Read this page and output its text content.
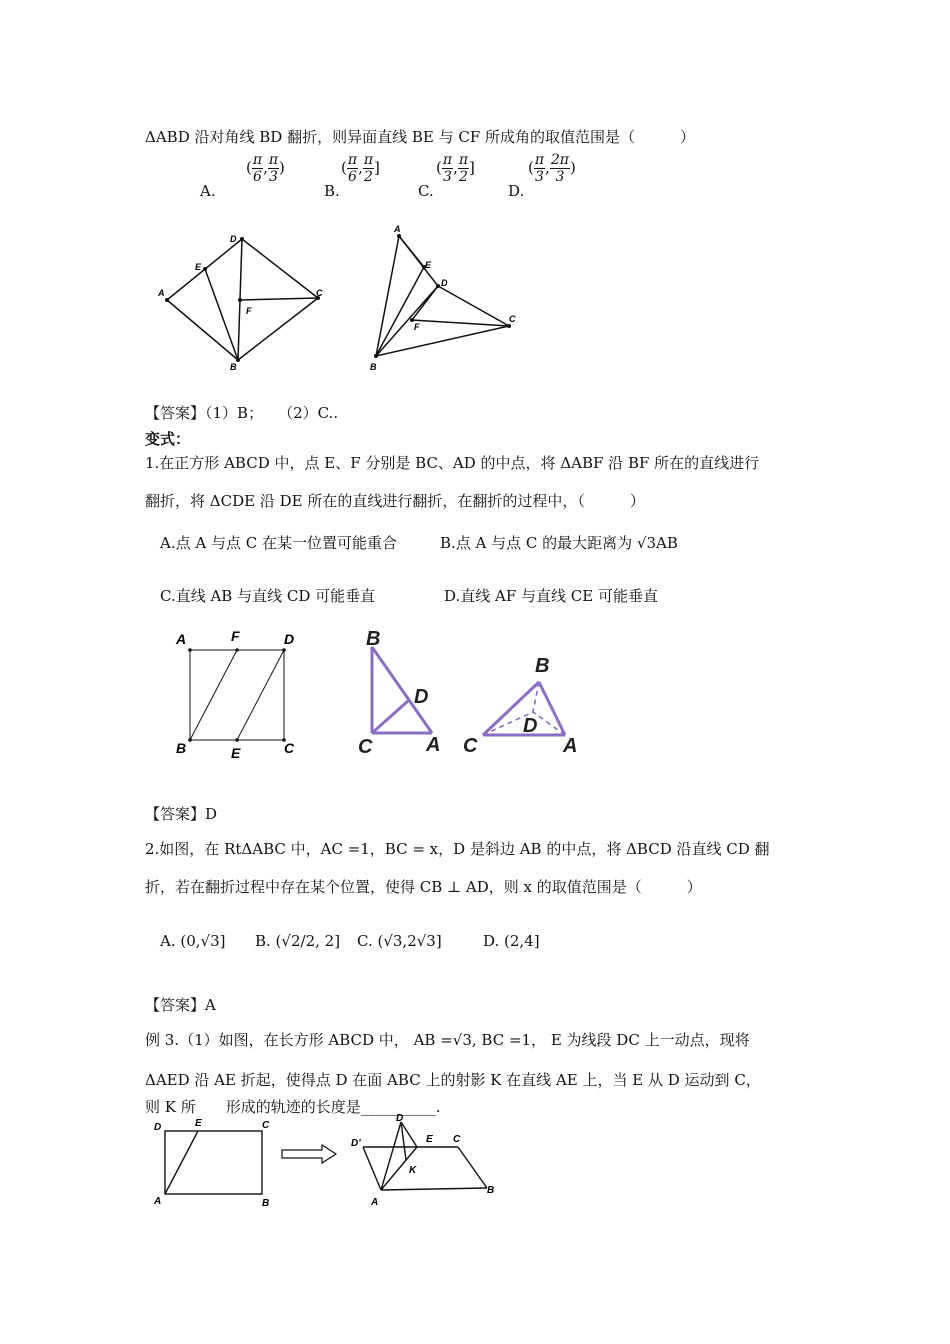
ΔABD 沿对角线 BD 翻折，则异面直线 BE 与 CF 所成角的取值范围是（　　　）
A.	B.	C.	D.
( $\frac{\pi}{6}$ , $\frac{\pi}{3}$ )	( $\frac{\pi}{6}$ , $\frac{\pi}{2}$ ]	( $\frac{\pi}{3}$ , $\frac{\pi}{2}$ ]	( $\frac{\pi}{3}$ , $\frac{2\pi}{3}$ )
A
B
C
D
E
F
A
B
C
D
E
F
【答案】（1）B；　　（2）C..
变式：
1.在正方形 ABCD 中，点 E、F 分别是 BC、AD 的中点，将 ΔABF 沿 BF 所在的直线进行
翻折，将 ΔCDE 沿 DE 所在的直线进行翻折，在翻折的过程中，（　　　）
A.点 A 与点 C 在某一位置可能重合	B.点 A 与点 C 的最大距离为 √3AB
C.直线 AB 与直线 CD 可能垂直	D.直线 AF 与直线 CE 可能垂直
A	F	D
B	E	C
B
D
C	A
B
D
C	A
【答案】D
2.如图，在 RtΔABC 中，AC =1，BC = x，D 是斜边 AB 的中点，将 ΔBCD 沿直线 CD 翻
折，若在翻折过程中存在某个位置，使得 CB ⊥ AD，则 x 的取值范围是（　　　）
A. (0,√3] B. (√2/2, 2] C. (√3,2√3]	D. (2,4]
【答案】A
例 3.（1）如图，在长方形 ABCD 中， AB =√3, BC =1， E 为线段 DC 上一动点，现将
ΔAED 沿 AE 折起，使得点 D 在面 ABC 上的射影 K 在直线 AE 上，当 E 从 D 运动到 C，
则 K 所　　形成的轨迹的长度是__________.
D	E	C
A	B
D'
D
E C
K
A
B
